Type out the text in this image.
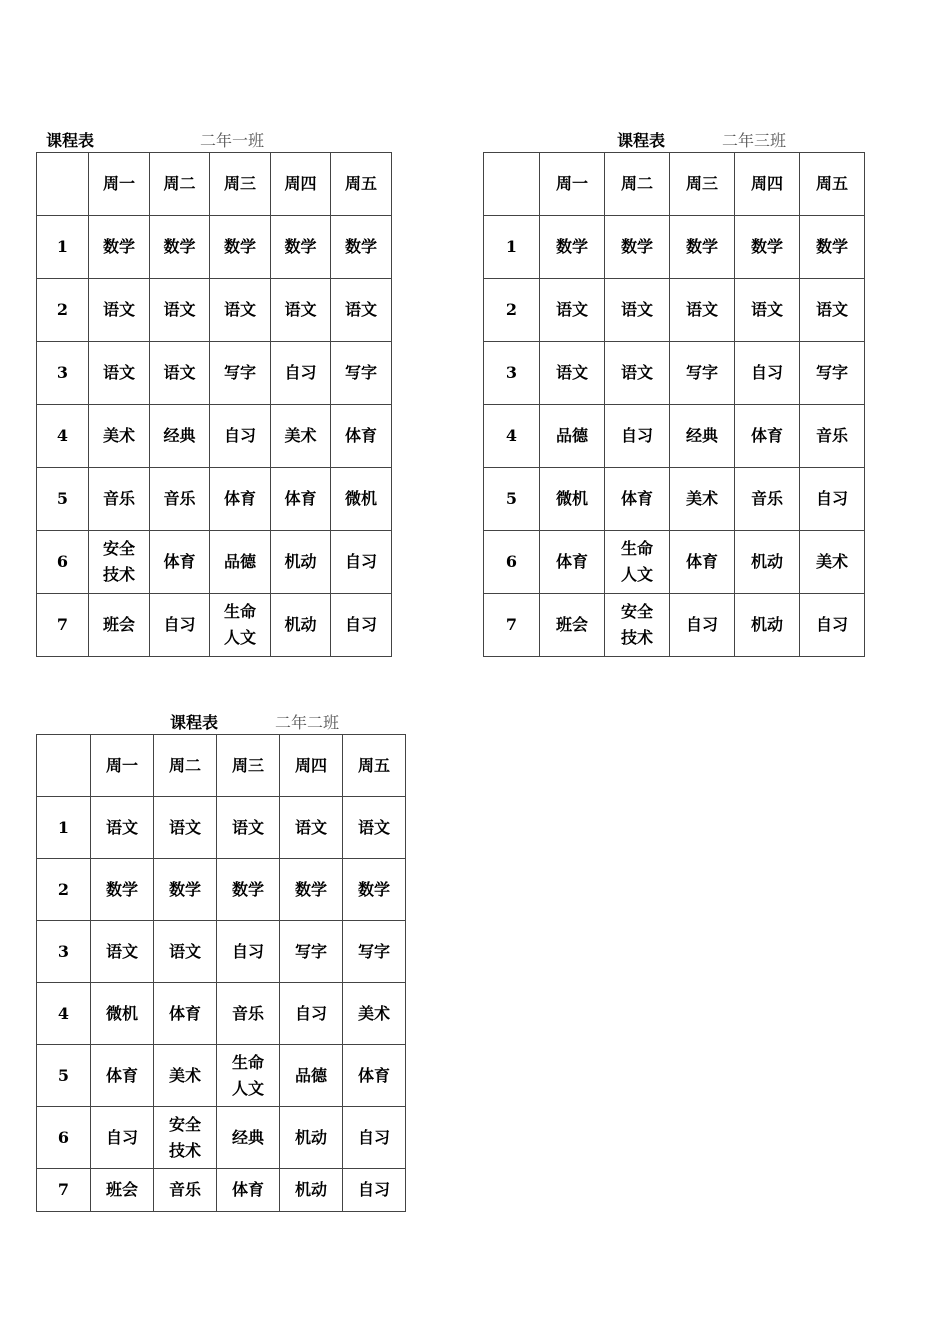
课程表	二年一班
	周一	周二	周三	周四	周五
1	数学	数学	数学	数学	数学
2	语文	语文	语文	语文	语文
3	语文	语文	写字	自习	写字
4	美术	经典	自习	美术	体育
5	音乐	音乐	体育	体育	微机
6	安全技术	体育	品德	机动	自习
7	班会	自习	生命人文	机动	自习
课程表	二年三班
	周一	周二	周三	周四	周五
1	数学	数学	数学	数学	数学
2	语文	语文	语文	语文	语文
3	语文	语文	写字	自习	写字
4	品德	自习	经典	体育	音乐
5	微机	体育	美术	音乐	自习
6	体育	生命人文	体育	机动	美术
7	班会	安全技术	自习	机动	自习
课程表	二年二班
	周一	周二	周三	周四	周五
1	语文	语文	语文	语文	语文
2	数学	数学	数学	数学	数学
3	语文	语文	自习	写字	写字
4	微机	体育	音乐	自习	美术
5	体育	美术	生命人文	品德	体育
6	自习	安全技术	经典	机动	自习
7	班会	音乐	体育	机动	自习
